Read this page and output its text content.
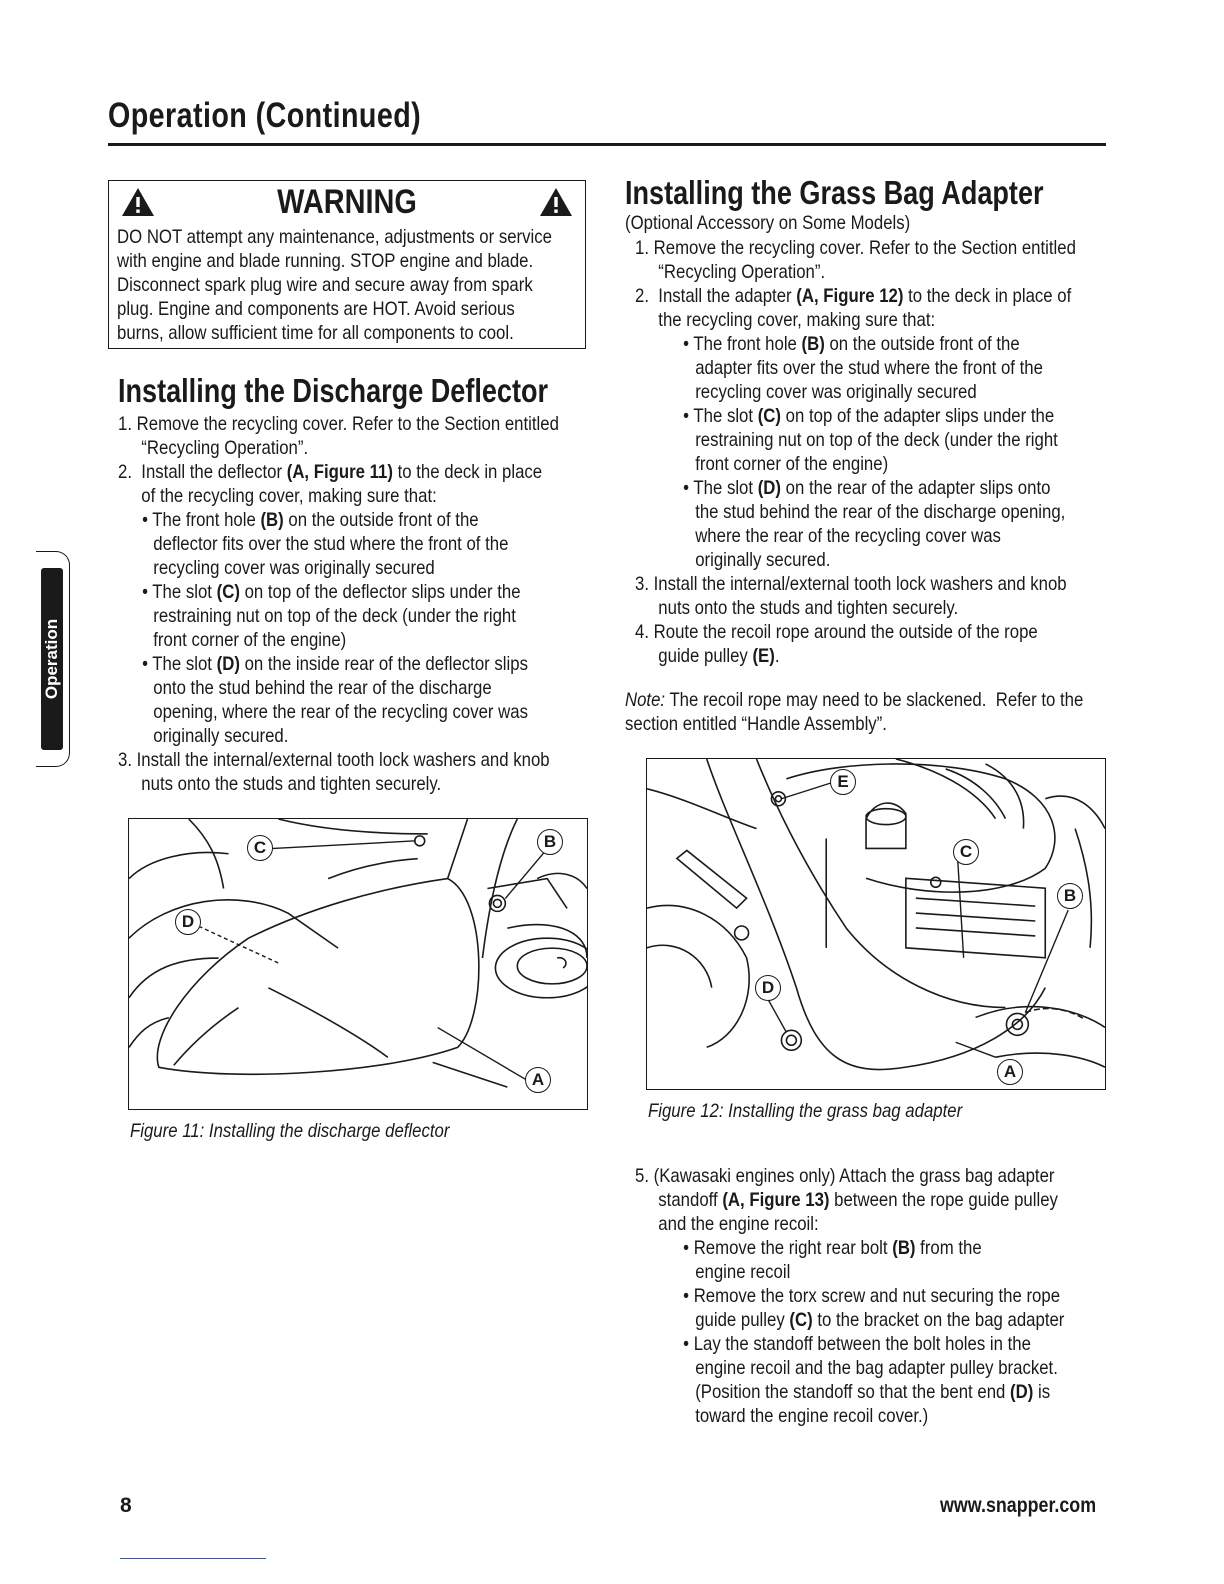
Operation (Continued)
Operation
WARNING
DO NOT attempt any maintenance, adjustments or service
with engine and blade running. STOP engine and blade.
Disconnect spark plug wire and secure away from spark
plug. Engine and components are HOT. Avoid serious
burns, allow sufficient time for all components to cool.
Installing the Discharge Deflector
1. Remove the recycling cover. Refer to the Section entitled
“Recycling Operation”.
2.  Install the deflector (A, Figure 11) to the deck in place
of the recycling cover, making sure that:
• The front hole (B) on the outside front of the
deflector fits over the stud where the front of the
recycling cover was originally secured
• The slot (C) on top of the deflector slips under the
restraining nut on top of the deck (under the right
front corner of the engine)
• The slot (D) on the inside rear of the deflector slips
onto the stud behind the rear of the discharge
opening, where the rear of the recycling cover was
originally secured.
3. Install the internal/external tooth lock washers and knob
nuts onto the studs and tighten securely.
C	B
D
A
Figure 11: Installing the discharge deflector
Installing the Grass Bag Adapter
(Optional Accessory on Some Models)
1. Remove the recycling cover. Refer to the Section entitled
“Recycling Operation”.
2.  Install the adapter (A, Figure 12) to the deck in place of
the recycling cover, making sure that:
• The front hole (B) on the outside front of the
adapter fits over the stud where the front of the
recycling cover was originally secured
• The slot (C) on top of the adapter slips under the
restraining nut on top of the deck (under the right
front corner of the engine)
• The slot (D) on the rear of the adapter slips onto
the stud behind the rear of the discharge opening,
where the rear of the recycling cover was
originally secured.
3. Install the internal/external tooth lock washers and knob
nuts onto the studs and tighten securely.
4. Route the recoil rope around the outside of the rope
guide pulley (E).
Note: The recoil rope may need to be slackened.  Refer to the
section entitled “Handle Assembly”.
E
C
B
D
A
Figure 12: Installing the grass bag adapter
5. (Kawasaki engines only) Attach the grass bag adapter
standoff (A, Figure 13) between the rope guide pulley
and the engine recoil:
• Remove the right rear bolt (B) from the
engine recoil
• Remove the torx screw and nut securing the rope
guide pulley (C) to the bracket on the bag adapter
• Lay the standoff between the bolt holes in the
engine recoil and the bag adapter pulley bracket.
(Position the standoff so that the bent end (D) is
toward the engine recoil cover.)
8	www.snapper.com
